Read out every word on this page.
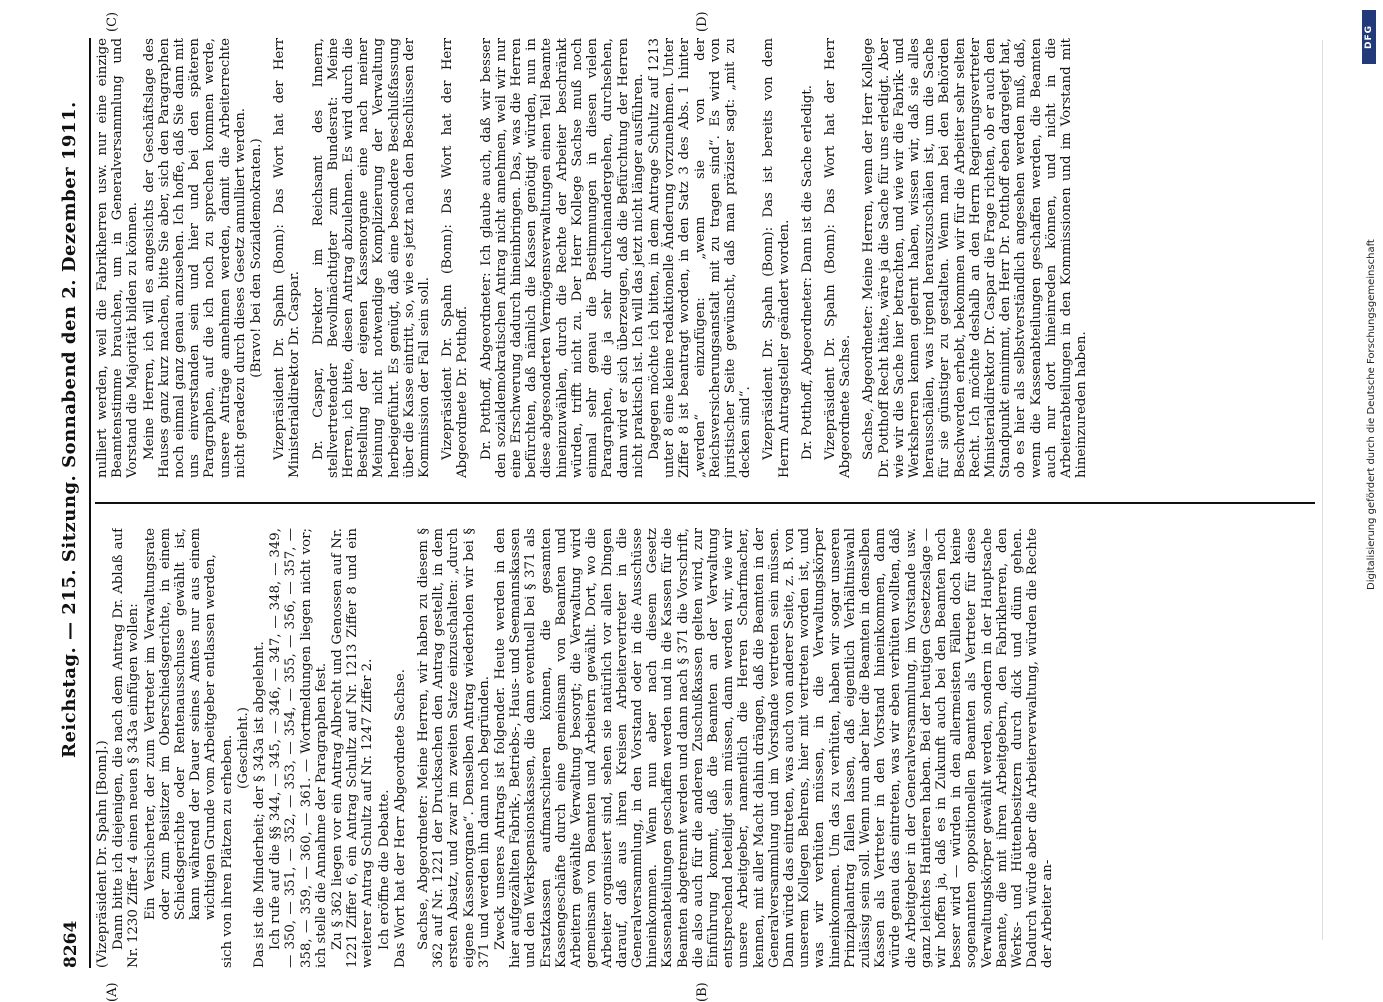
8264
Reichstag. — 215. Sitzung. Sonnabend den 2. Dezember 1911.
(A)	(B)
(C)	(D)

(Vizepräsident Dr. Spahn [Bonn].) Dann bitte ich diejenigen, die nach dem Antrag Dr. Ablaß auf Nr. 1230 Ziffer 4 einen neuen § 343a einfügen wollen: Ein Versicherter, der zum Vertreter im Verwaltungsrate oder zum Beisitzer im Oberschiedsgerichte, in einem Schiedsgerichte oder Rentenausschusse gewählt ist, kann während der Dauer seines Amtes nur aus einem wichtigen Grunde vom Arbeitgeber entlassen werden, sich von ihren Plätzen zu erheben. (Geschieht.) Das ist die Minderheit; der § 343a ist abgelehnt. Ich rufe auf die §§ 344, — 345, — 346, — 347, — 348, — 349, — 350, — 351, — 352, — 353, — 354, — 355, — 356, — 357, — 358, — 359, — 360, — 361. — Wortmeldungen liegen nicht vor; ich stelle die Annahme der Paragraphen fest. Zu § 362 liegen vor ein Antrag Albrecht und Genossen auf Nr. 1221 Ziffer 6, ein Antrag Schultz auf Nr. 1213 Ziffer 8 und ein weiterer Antrag Schultz auf Nr. 1247 Ziffer 2. Ich eröffne die Debatte. Das Wort hat der Herr Abgeordnete Sachse. Sachse, Abgeordneter: Meine Herren, wir haben zu diesem § 362 auf Nr. 1221 der Drucksachen den Antrag gestellt, in dem ersten Absatz, und zwar im zweiten Satze einzuschalten: „durch eigene Kassenorgane“. Denselben Antrag wiederholen wir bei § 371 und werden ihn dann noch begründen. Zweck unseres Antrags ist folgender. Heute werden in den hier aufgezählten Fabrik-, Betriebs-, Haus- und Seemannskassen und den Werkspensionskassen, die dann eventuell bei § 371 als Ersatzkassen aufmarschieren können, die gesamten Kassengeschäfte durch eine gemeinsam von Beamten und Arbeitern gewählte Verwaltung besorgt; die Verwaltung wird gemeinsam von Beamten und Arbeitern gewählt. Dort, wo die Arbeiter organisiert sind, sehen sie natürlich vor allen Dingen darauf, daß aus ihren Kreisen Arbeitervertreter in die Generalversammlung, in den Vorstand oder in die Ausschüsse hineinkommen. Wenn nun aber nach diesem Gesetz Kassenabteilungen geschaffen werden und in die Kassen für die Beamten abgetrennt werden und dann nach § 371 die Vorschrift, die also auch für die anderen Zuschußkassen gelten wird, zur Einführung kommt, daß die Beamten an der Verwaltung entsprechend beteiligt sein müssen, dann werden wir, wie wir unsere Arbeitgeber, namentlich die Herren Scharfmacher, kennen, mit aller Macht dahin drängen, daß die Beamten in der Generalversammlung und im Vorstande vertreten sein müssen. Dann würde das eintreten, was auch von anderer Seite, z. B. von unserem Kollegen Behrens, hier mit vertreten worden ist, und was wir verhüten müssen, in die Verwaltungskörper hineinkommen. Um das zu verhüten, haben wir sogar unseren Prinzipalantrag fallen lassen, daß eigentlich Verhältniswahl zulässig sein soll. Wenn nun aber hier die Beamten in denselben Kassen als Vertreter in den Vorstand hineinkommen, dann würde genau das eintreten, was wir eben verhüten wollten, daß die Arbeitgeber in der Generalversammlung, im Vorstande usw. ganz leichtes Hantieren haben. Bei der heutigen Gesetzeslage — wir hoffen ja, daß es in Zukunft auch bei den Beamten noch besser wird — würden in den allermeisten Fällen doch keine sogenannten oppositionellen Beamten als Vertreter für diese Verwaltungskörper gewählt werden, sondern in der Hauptsache Beamte, die mit ihren Arbeitgebern, den Fabrikherren, den Werks- und Hüttenbesitzern durch dick und dünn gehen. Dadurch würde aber die Arbeiterverwaltung, würden die Rechte der Arbeiter an-

nulliert werden, weil die Fabrikherren usw. nur eine einzige Beamtenstimme brauchen, um in Generalversammlung und Vorstand die Majorität bilden zu können. Meine Herren, ich will es angesichts der Geschäftslage des Hauses ganz kurz machen, bitte Sie aber, sich den Paragraphen noch einmal ganz genau anzusehen. Ich hoffe, daß Sie dann mit uns einverstanden sein und hier und bei den späteren Paragraphen, auf die ich noch zu sprechen kommen werde, unsere Anträge annehmen werden, damit die Arbeiterrechte nicht geradezu durch dieses Gesetz annulliert werden. (Bravo! bei den Sozialdemokraten.) Vizepräsident Dr. Spahn (Bonn): Das Wort hat der Herr Ministerialdirektor Dr. Caspar. Dr. Caspar, Direktor im Reichsamt des Innern, stellvertretender Bevollmächtigter zum Bundesrat: Meine Herren, ich bitte, diesen Antrag abzulehnen. Es wird durch die Bestellung der eigenen Kassenorgane eine nach meiner Meinung nicht notwendige Komplizierung der Verwaltung herbeigeführt. Es genügt, daß eine besondere Beschlußfassung über die Kasse eintritt, so, wie es jetzt nach den Beschlüssen der Kommission der Fall sein soll. Vizepräsident Dr. Spahn (Bonn): Das Wort hat der Herr Abgeordnete Dr. Potthoff. Dr. Potthoff, Abgeordneter: Ich glaube auch, daß wir besser den sozialdemokratischen Antrag nicht annehmen, weil wir nur eine Erschwerung dadurch hineinbringen. Das, was die Herren befürchten, daß nämlich die Kassen genötigt würden, nun in diese abgesonderten Vermögensverwaltungen einen Teil Beamte hineinzuwählen, durch die Rechte der Arbeiter beschränkt würden, trifft nicht zu. Der Herr Kollege Sachse muß noch einmal sehr genau die Bestimmungen in diesen vielen Paragraphen, die ja sehr durcheinandergehen, durchsehen, dann wird er sich überzeugen, daß die Befürchtung der Herren nicht praktisch ist. Ich will das jetzt nicht länger ausführen. Dagegen möchte ich bitten, in dem Antrage Schultz auf 1213 unter 8 eine kleine redaktionelle Änderung vorzunehmen. Unter Ziffer 8 ist beantragt worden, in den Satz 3 des Abs. 1 hinter „werden“ einzufügen: „wenn sie von der Reichsversicherungsanstalt mit zu tragen sind“. Es wird von juristischer Seite gewünscht, daß man präziser sagt: „mit zu decken sind“. Vizepräsident Dr. Spahn (Bonn): Das ist bereits von dem Herrn Antragsteller geändert worden. Dr. Potthoff, Abgeordneter: Dann ist die Sache erledigt. Vizepräsident Dr. Spahn (Bonn): Das Wort hat der Herr Abgeordnete Sachse. Sachse, Abgeordneter: Meine Herren, wenn der Herr Kollege Dr. Potthoff Recht hätte, wäre ja die Sache für uns erledigt. Aber wie wir die Sache hier betrachten, und wie wir die Fabrik- und Werksherren kennen gelernt haben, wissen wir, daß sie alles herausschälen, was irgend herauszuschälen ist, um die Sache für sie günstiger zu gestalten. Wenn man bei den Behörden Beschwerden erhebt, bekommen wir für die Arbeiter sehr selten Recht. Ich möchte deshalb an den Herrn Regierungsvertreter Ministerialdirektor Dr. Caspar die Frage richten, ob er auch den Standpunkt einnimmt, den Herr Dr. Potthoff eben dargelegt hat, ob es hier als selbstverständlich angesehen werden muß, daß, wenn die Kassenabteilungen geschaffen werden, die Beamten auch nur dort hineinreden können, und nicht in die Arbeiterabteilungen in den Kommissionen und im Vorstand mit hineinzureden haben.

DFG
Digitalisierung gefördert durch die Deutsche Forschungsgemeinschaft
